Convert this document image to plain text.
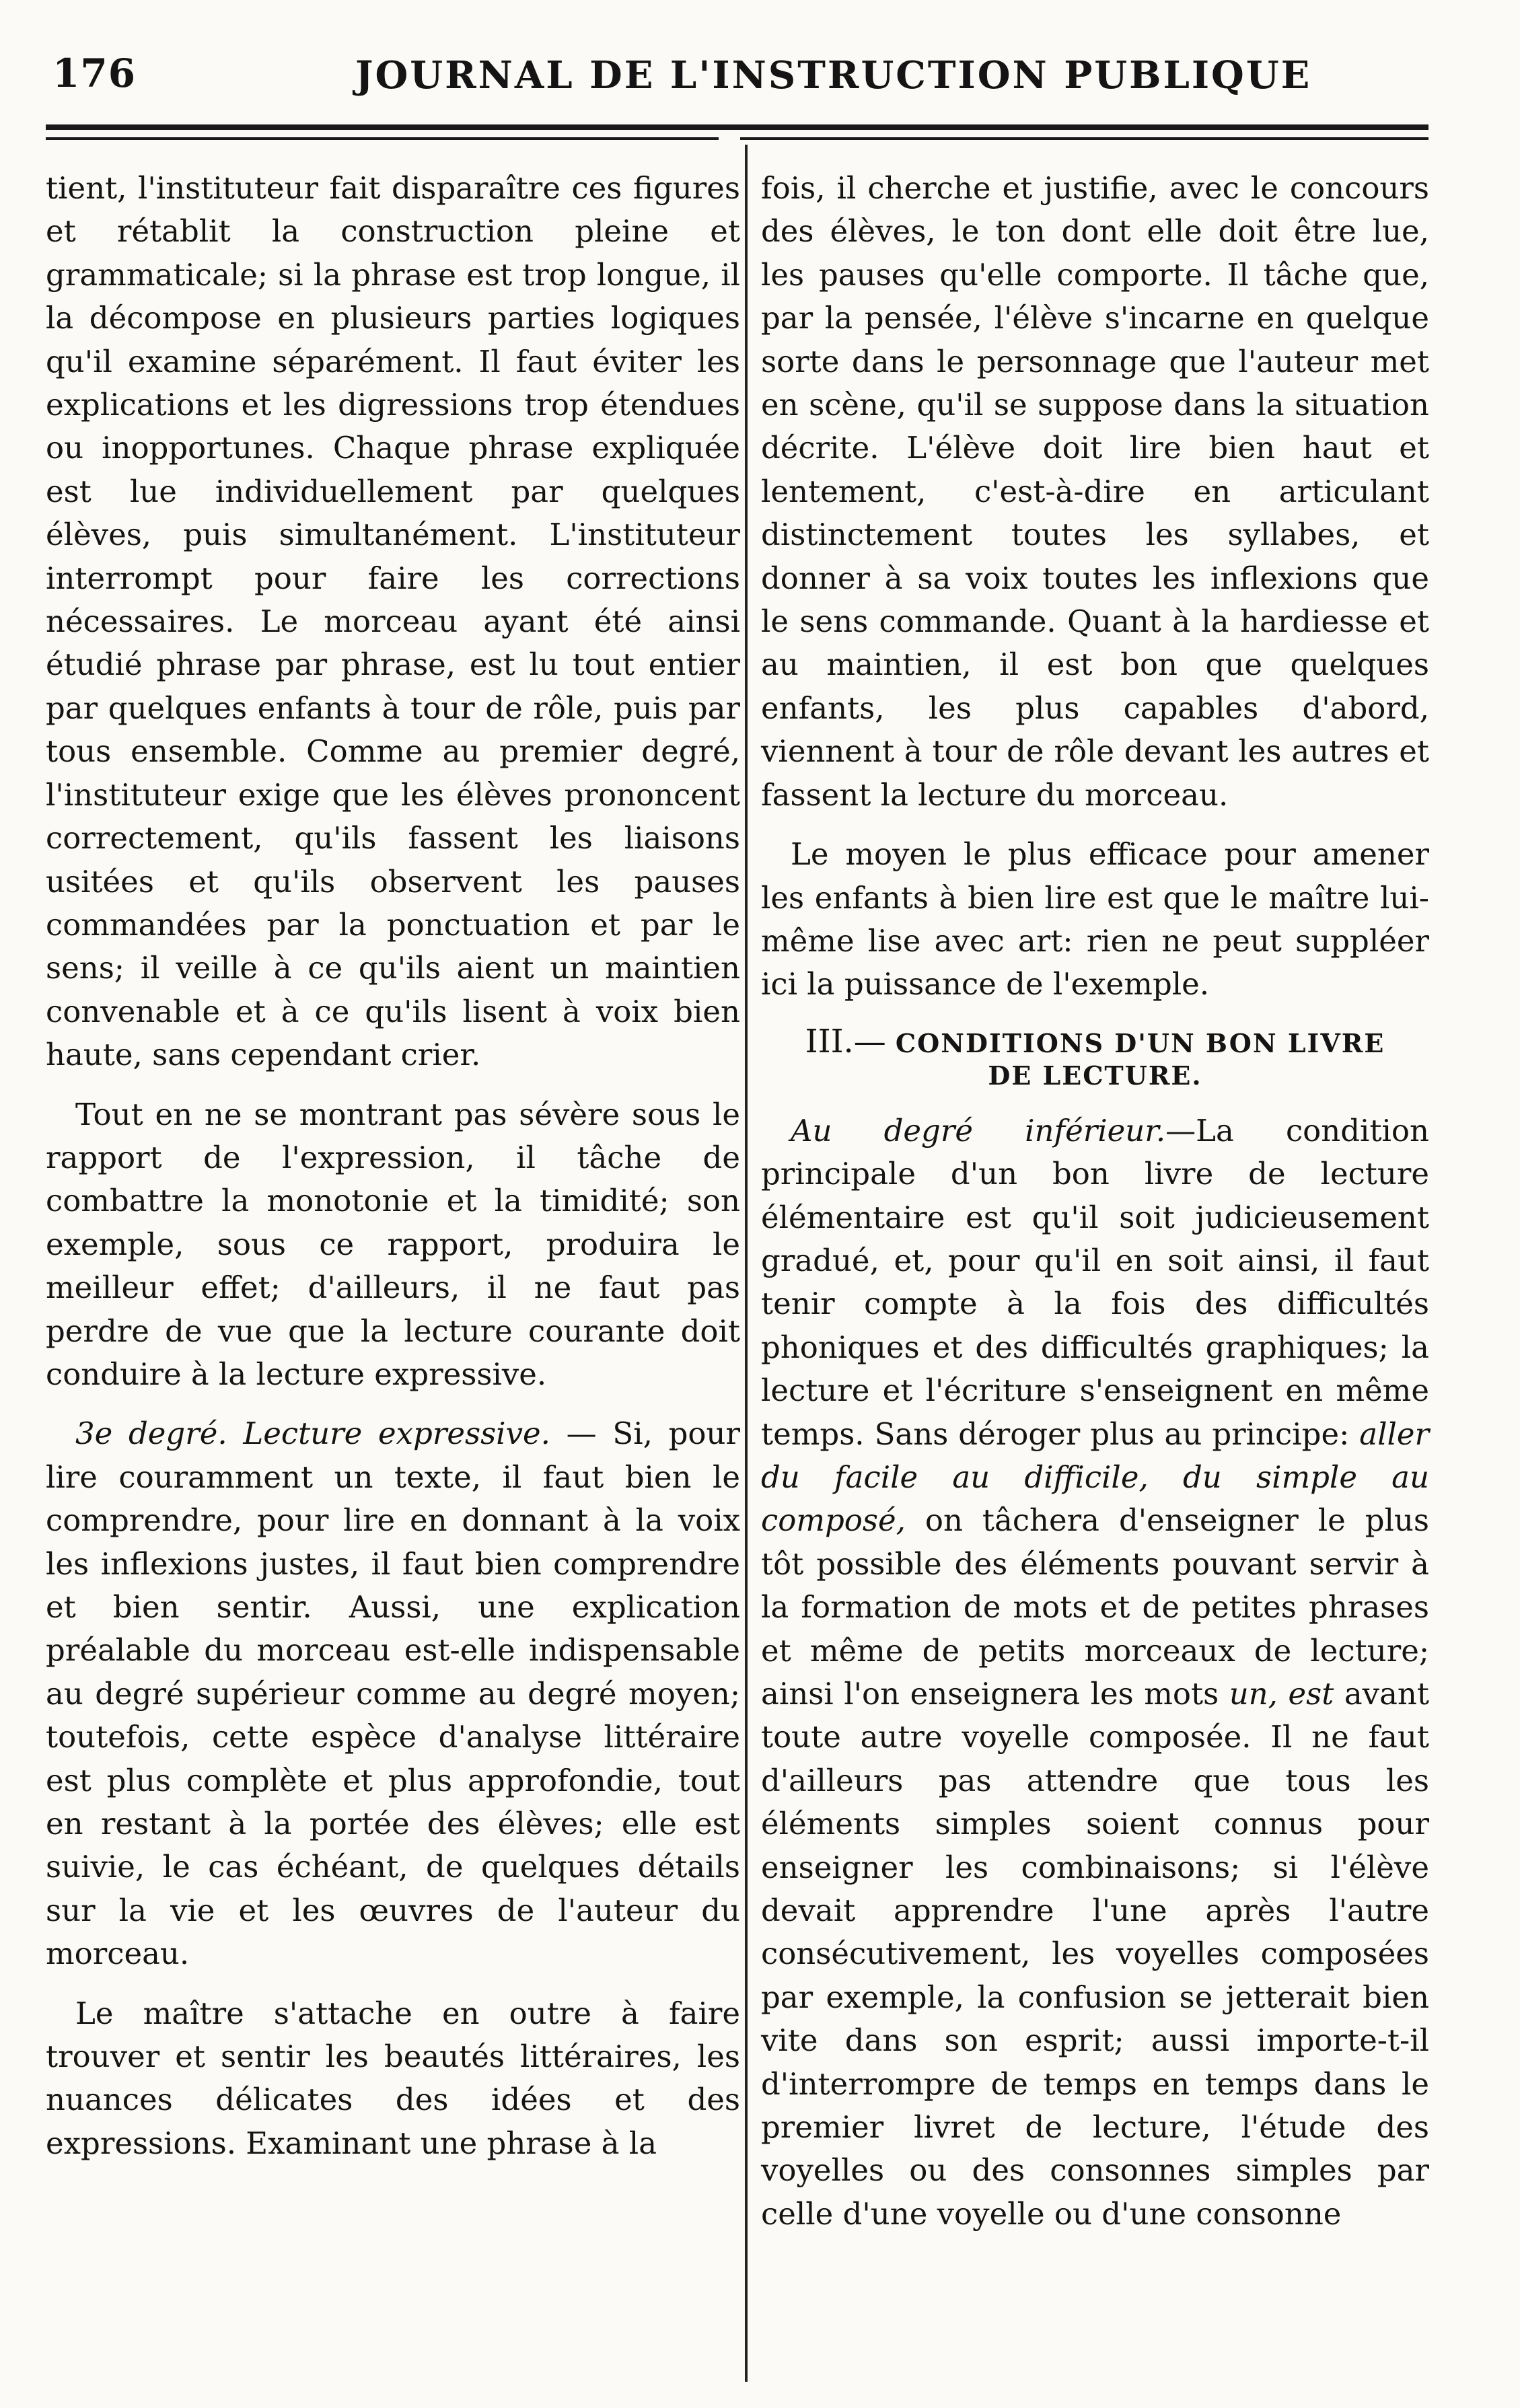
176	JOURNAL DE L'INSTRUCTION PUBLIQUE

tient, l'instituteur fait disparaître ces figures et rétablit la construction pleine et grammaticale; si la phrase est trop longue, il la décompose en plusieurs parties logiques qu'il examine séparément. Il faut éviter les explications et les digressions trop étendues ou inopportunes. Chaque phrase expliquée est lue individuellement par quelques élèves, puis simultanément. L'instituteur interrompt pour faire les corrections nécessaires. Le morceau ayant été ainsi étudié phrase par phrase, est lu tout entier par quelques enfants à tour de rôle, puis par tous ensemble. Comme au premier degré, l'instituteur exige que les élèves prononcent correctement, qu'ils fassent les liaisons usitées et qu'ils observent les pauses commandées par la ponctuation et par le sens; il veille à ce qu'ils aient un maintien convenable et à ce qu'ils lisent à voix bien haute, sans cependant crier.

Tout en ne se montrant pas sévère sous le rapport de l'expression, il tâche de combattre la monotonie et la timidité; son exemple, sous ce rapport, produira le meilleur effet; d'ailleurs, il ne faut pas perdre de vue que la lecture courante doit conduire à la lecture expressive.

3e degré. Lecture expressive. — Si, pour lire couramment un texte, il faut bien le comprendre, pour lire en donnant à la voix les inflexions justes, il faut bien comprendre et bien sentir. Aussi, une explication préalable du morceau est-elle indispensable au degré supérieur comme au degré moyen; toutefois, cette espèce d'analyse littéraire est plus complète et plus approfondie, tout en restant à la portée des élèves; elle est suivie, le cas échéant, de quelques détails sur la vie et les œuvres de l'auteur du morceau.

Le maître s'attache en outre à faire trouver et sentir les beautés littéraires, les nuances délicates des idées et des expressions. Examinant une phrase à la

fois, il cherche et justifie, avec le concours des élèves, le ton dont elle doit être lue, les pauses qu'elle comporte. Il tâche que, par la pensée, l'élève s'incarne en quelque sorte dans le personnage que l'auteur met en scène, qu'il se suppose dans la situation décrite. L'élève doit lire bien haut et lentement, c'est-à-dire en articulant distinctement toutes les syllabes, et donner à sa voix toutes les inflexions que le sens commande. Quant à la hardiesse et au maintien, il est bon que quelques enfants, les plus capables d'abord, viennent à tour de rôle devant les autres et fassent la lecture du morceau.

Le moyen le plus efficace pour amener les enfants à bien lire est que le maître lui-même lise avec art: rien ne peut suppléer ici la puissance de l'exemple.

III.— CONDITIONS D'UN BON LIVRE
DE LECTURE.

Au degré inférieur.—La condition principale d'un bon livre de lecture élémentaire est qu'il soit judicieusement gradué, et, pour qu'il en soit ainsi, il faut tenir compte à la fois des difficultés phoniques et des difficultés graphiques; la lecture et l'écriture s'enseignent en même temps. Sans déroger plus au principe: aller du facile au difficile, du simple au composé, on tâchera d'enseigner le plus tôt possible des éléments pouvant servir à la formation de mots et de petites phrases et même de petits morceaux de lecture; ainsi l'on enseignera les mots un, est avant toute autre voyelle composée. Il ne faut d'ailleurs pas attendre que tous les éléments simples soient connus pour enseigner les combinaisons; si l'élève devait apprendre l'une après l'autre consécutivement, les voyelles composées par exemple, la confusion se jetterait bien vite dans son esprit; aussi importe-t-il d'interrompre de temps en temps dans le premier livret de lecture, l'étude des voyelles ou des consonnes simples par celle d'une voyelle ou d'une consonne
